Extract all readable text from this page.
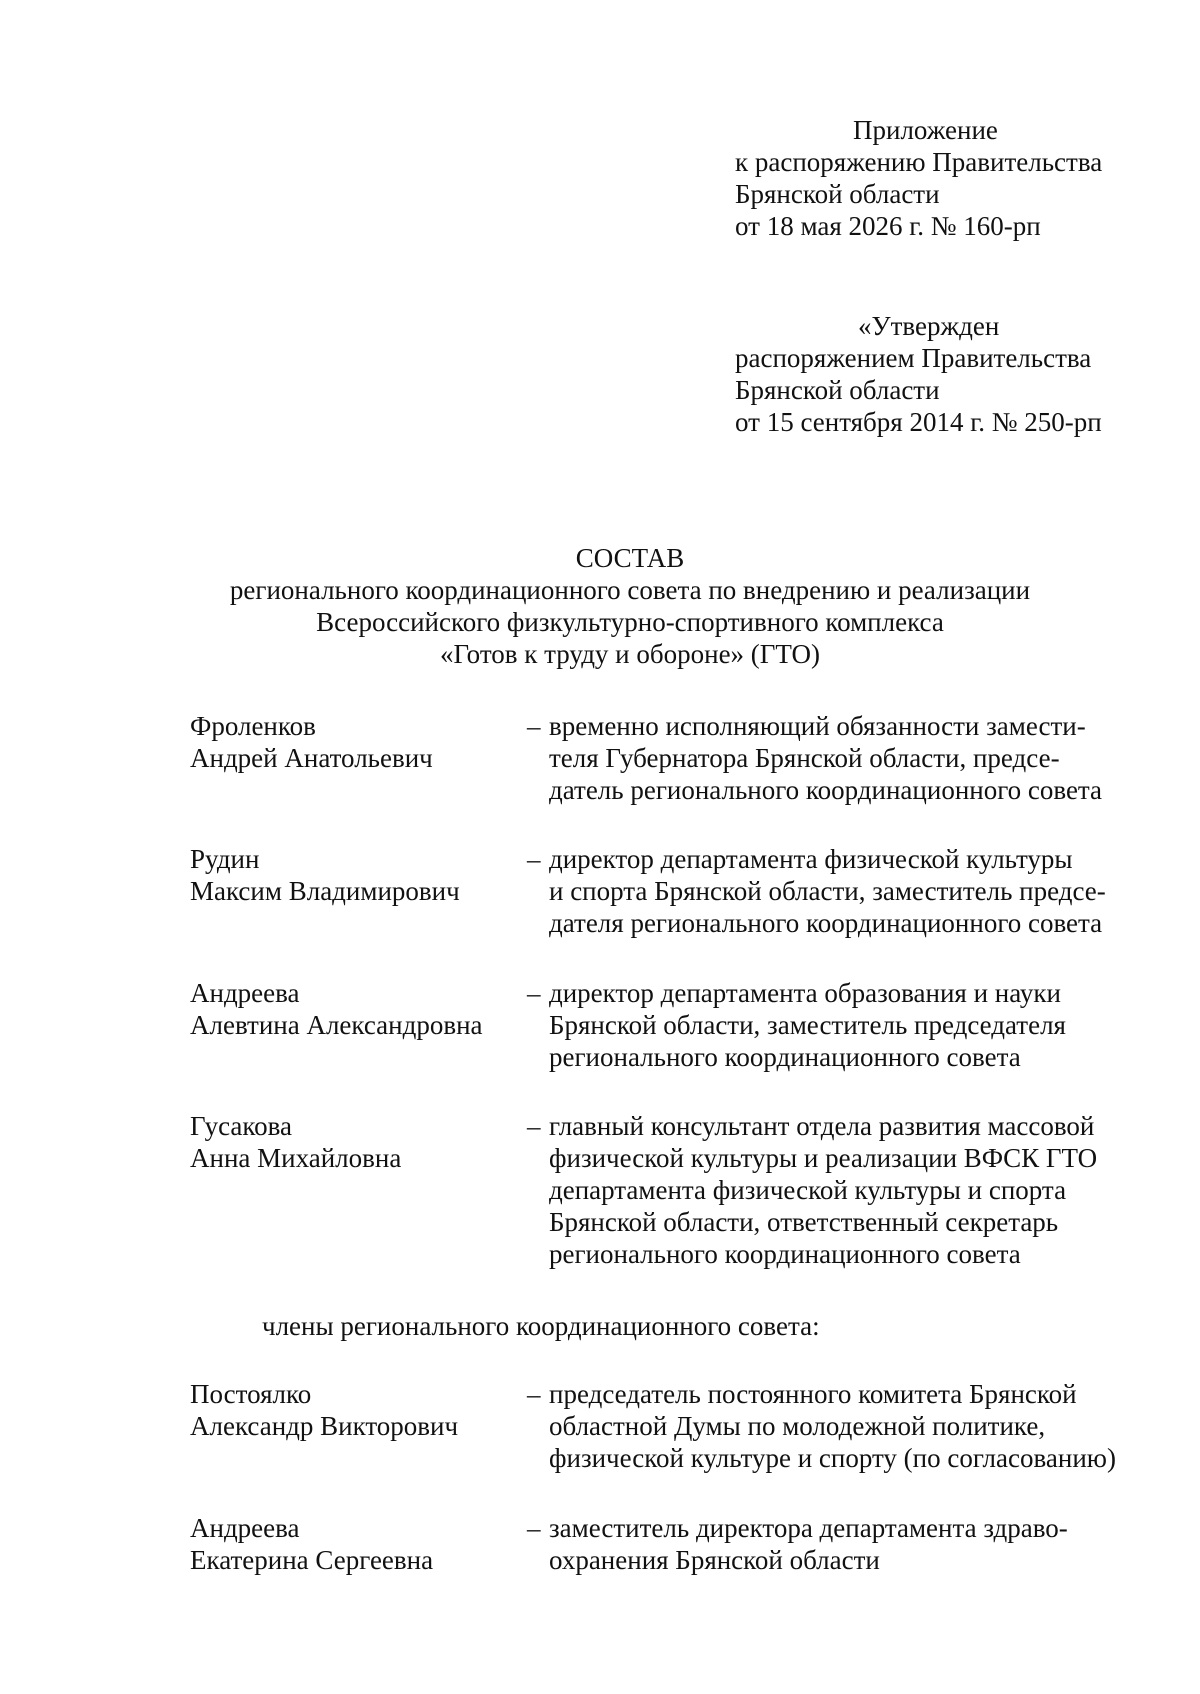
Приложение
к распоряжению Правительства
Брянской области
от 18 мая 2026 г. № 160-рп
«Утвержден
распоряжением Правительства
Брянской области
от 15 сентября 2014 г. № 250-рп
СОСТАВ
регионального координационного совета по внедрению и реализации
Всероссийского физкультурно-спортивного комплекса
«Готов к труду и обороне» (ГТО)
Фроленков
Андрей Анатольевич
– временно исполняющий обязанности замести-
теля Губернатора Брянской области, предсе-
датель регионального координационного совета
Рудин
Максим Владимирович
– директор департамента физической культуры
и спорта Брянской области, заместитель предсе-
дателя регионального координационного совета
Андреева
Алевтина Александровна
– директор департамента образования и науки
Брянской области, заместитель председателя
регионального координационного совета
Гусакова
Анна Михайловна
– главный консультант отдела развития массовой
физической культуры и реализации ВФСК ГТО
департамента физической культуры и спорта
Брянской области, ответственный секретарь
регионального координационного совета
члены регионального координационного совета:
Постоялко
Александр Викторович
– председатель постоянного комитета Брянской
областной Думы по молодежной политике,
физической культуре и спорту (по согласованию)
Андреева
Екатерина Сергеевна
– заместитель директора департамента здраво-
охранения Брянской области
